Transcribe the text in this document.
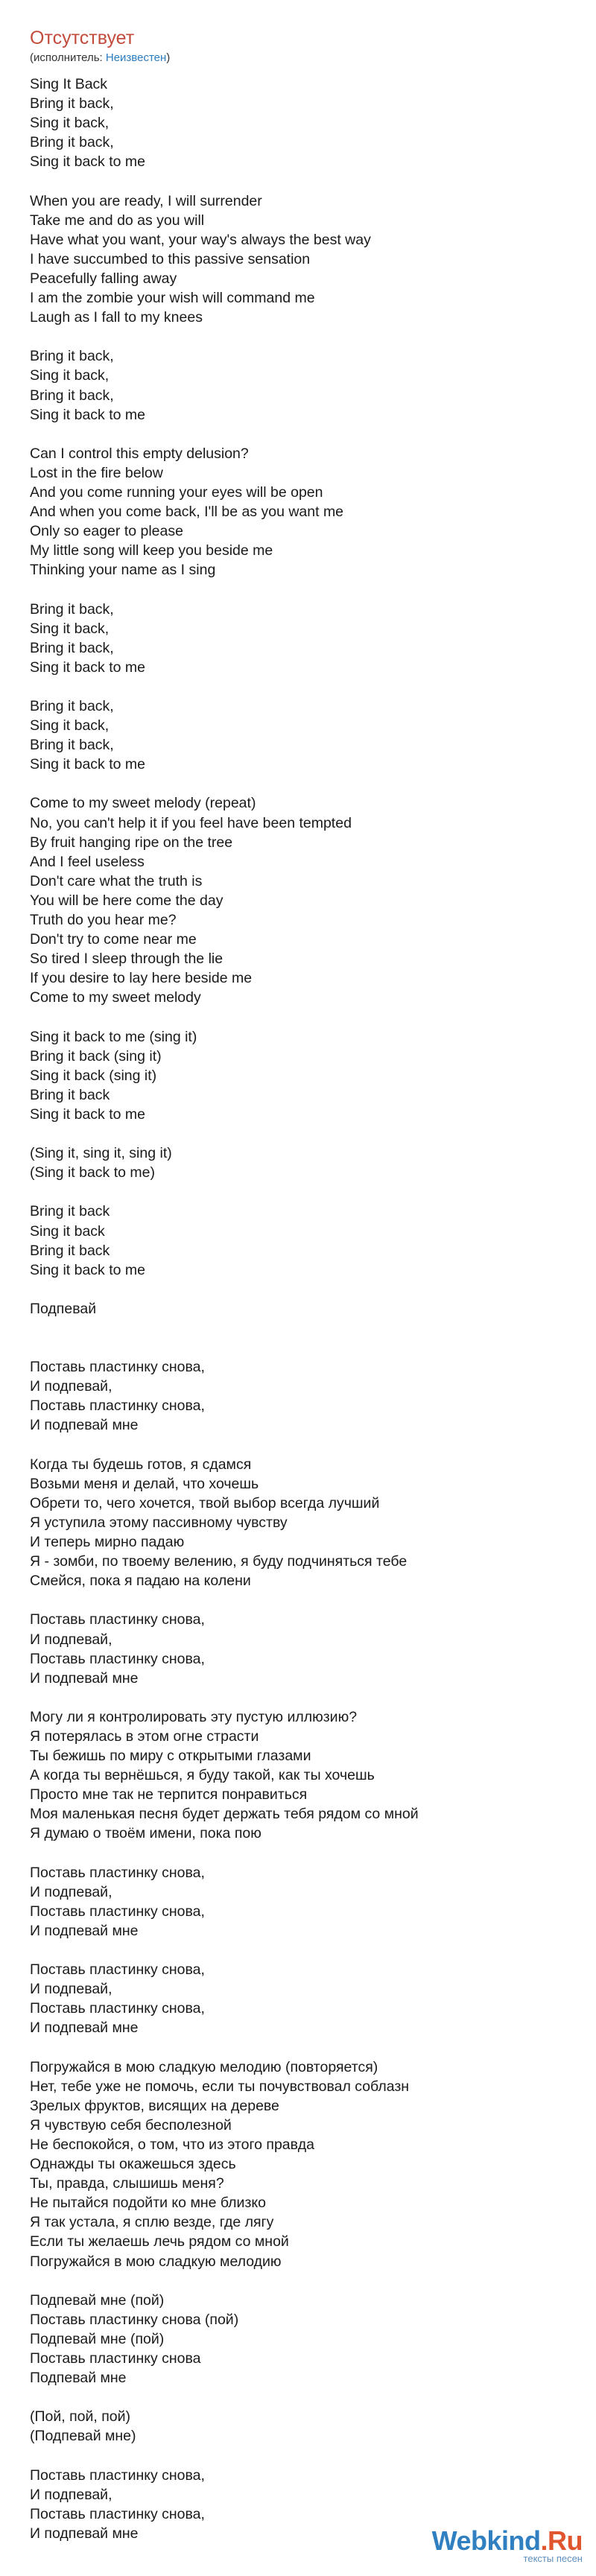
Отсутствует
(исполнитель: Неизвестен)
Sing It Back
Bring it back,
Sing it back,
Bring it back,
Sing it back to me
When you are ready, I will surrender
Take me and do as you will
Have what you want, your way's always the best way
I have succumbed to this passive sensation
Peacefully falling away
I am the zombie your wish will command me
Laugh as I fall to my knees
Bring it back,
Sing it back,
Bring it back,
Sing it back to me
Can I control this empty delusion?
Lost in the fire below
And you come running your eyes will be open
And when you come back, I'll be as you want me
Only so eager to please
My little song will keep you beside me
Thinking your name as I sing
Bring it back,
Sing it back,
Bring it back,
Sing it back to me
Bring it back,
Sing it back,
Bring it back,
Sing it back to me
Come to my sweet melody (repeat)
No, you can't help it if you feel have been tempted
By fruit hanging ripe on the tree
And I feel useless
Don't care what the truth is
You will be here come the day
Truth do you hear me?
Don't try to come near me
So tired I sleep through the lie
If you desire to lay here beside me
Come to my sweet melody
Sing it back to me (sing it)
Bring it back (sing it)
Sing it back (sing it)
Bring it back
Sing it back to me
(Sing it, sing it, sing it)
(Sing it back to me)
Bring it back
Sing it back
Bring it back
Sing it back to me
Подпевай
Поставь пластинку снова,
И подпевай,
Поставь пластинку снова,
И подпевай мне
Когда ты будешь готов, я сдамся
Возьми меня и делай, что хочешь
Обрети то, чего хочется, твой выбор всегда лучший
Я уступила этому пассивному чувству
И теперь мирно падаю
Я - зомби, по твоему велению, я буду подчиняться тебе
Смейся, пока я падаю на колени
Поставь пластинку снова,
И подпевай,
Поставь пластинку снова,
И подпевай мне
Могу ли я контролировать эту пустую иллюзию?
Я потерялась в этом огне страсти
Ты бежишь по миру с открытыми глазами
А когда ты вернёшься, я буду такой, как ты хочешь
Просто мне так не терпится понравиться
Моя маленькая песня будет держать тебя рядом со мной
Я думаю о твоём имени, пока пою
Поставь пластинку снова,
И подпевай,
Поставь пластинку снова,
И подпевай мне
Поставь пластинку снова,
И подпевай,
Поставь пластинку снова,
И подпевай мне
Погружайся в мою сладкую мелодию (повторяется)
Нет, тебе уже не помочь, если ты почувствовал соблазн
Зрелых фруктов, висящих на дереве
Я чувствую себя бесполезной
Не беспокойся, о том, что из этого правда
Однажды ты окажешься здесь
Ты, правда, слышишь меня?
Не пытайся подойти ко мне близко
Я так устала, я сплю везде, где лягу
Если ты желаешь лечь рядом со мной
Погружайся в мою сладкую мелодию
Подпевай мне (пой)
Поставь пластинку снова (пой)
Подпевай мне (пой)
Поставь пластинку снова
Подпевай мне
(Пой, пой, пой)
(Подпевай мне)
Поставь пластинку снова,
И подпевай,
Поставь пластинку снова,
И подпевай мне	Webkind.Ru
тексты песен
